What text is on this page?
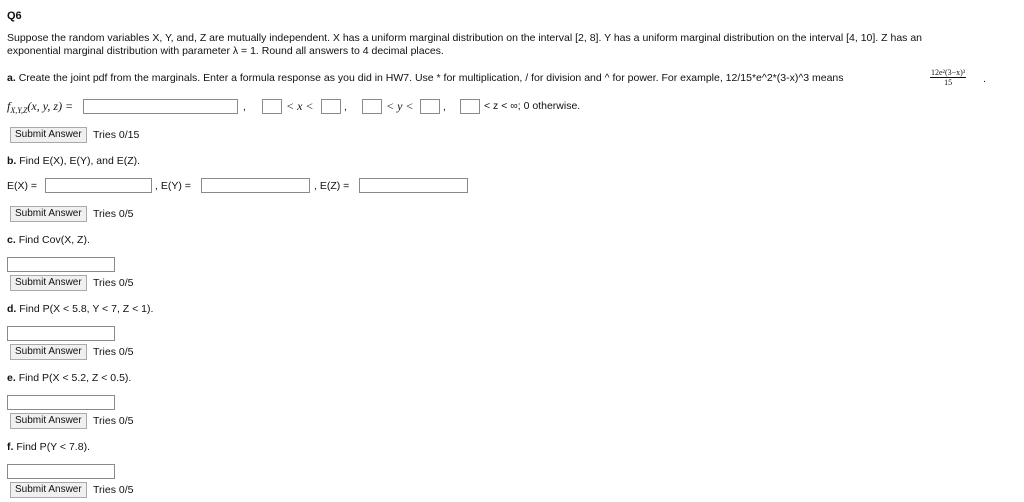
Q6
Suppose the random variables X, Y, and, Z are mutually independent. X has a uniform marginal distribution on the interval [2, 8]. Y has a uniform marginal distribution on the interval [4, 10]. Z has an
exponential marginal distribution with parameter λ = 1. Round all answers to 4 decimal places.
a. Create the joint pdf from the marginals. Enter a formula response as you did in HW7. Use * for multiplication, / for division and ^ for power. For example, 12/15*e^2*(3-x)^3 means	$\frac{\text{12e²(3−x)³}}{15}$ .
$f_{X,Y,Z}(x$, y, z) =	,	< x <	,	< y <	,	< z < ∞; 0 otherwise.
Submit Answer	Tries 0/15
b. Find E(X), E(Y), and E(Z).
E(X) =	, E(Y) =	, E(Z) =
Submit Answer	Tries 0/5
c. Find Cov(X, Z).
Submit Answer	Tries 0/5
d. Find P(X < 5.8, Y < 7, Z < 1).
Submit Answer	Tries 0/5
e. Find P(X < 5.2, Z < 0.5).
Submit Answer	Tries 0/5
f. Find P(Y < 7.8).
Submit Answer	Tries 0/5
